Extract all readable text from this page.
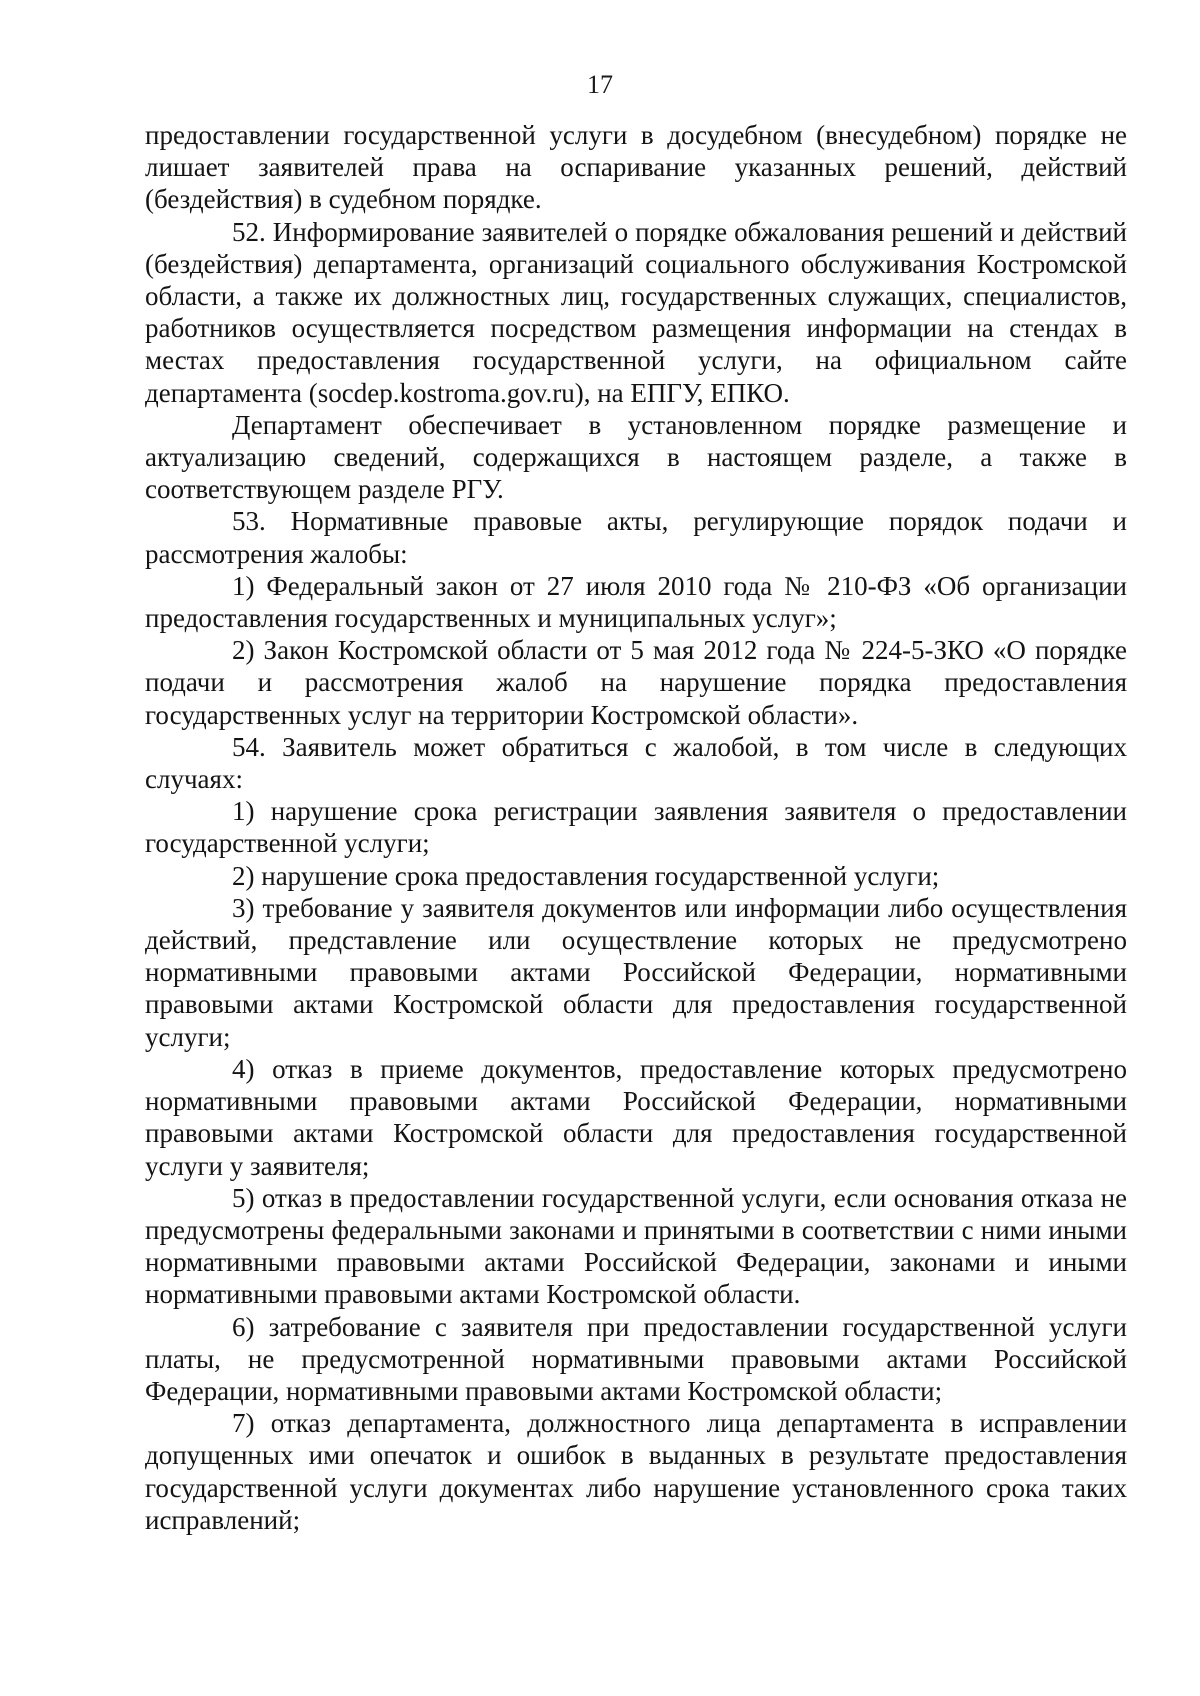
17

предоставлении государственной услуги в досудебном (внесудебном) порядке не лишает заявителей права на оспаривание указанных решений, действий (бездействия) в судебном порядке.

52. Информирование заявителей о порядке обжалования решений и действий (бездействия) департамента, организаций социального обслуживания Костромской области, а также их должностных лиц, государственных служащих, специалистов, работников осуществляется посредством размещения информации на стендах в местах предоставления государственной услуги, на официальном сайте департамента (socdep.kostroma.gov.ru), на ЕПГУ, ЕПКО.

Департамент обеспечивает в установленном порядке размещение и актуализацию сведений, содержащихся в настоящем разделе, а также в соответствующем разделе РГУ.

53. Нормативные правовые акты, регулирующие порядок подачи и рассмотрения жалобы:

1) Федеральный закон от 27 июля 2010 года № 210-ФЗ «Об организации предоставления государственных и муниципальных услуг»;

2) Закон Костромской области от 5 мая 2012 года № 224-5-ЗКО «О порядке подачи и рассмотрения жалоб на нарушение порядка предоставления государственных услуг на территории Костромской области».

54. Заявитель может обратиться с жалобой, в том числе в следующих случаях:

1) нарушение срока регистрации заявления заявителя о предоставлении государственной услуги;

2) нарушение срока предоставления государственной услуги;

3) требование у заявителя документов или информации либо осуществления действий, представление или осуществление которых не предусмотрено нормативными правовыми актами Российской Федерации, нормативными правовыми актами Костромской области для предоставления государственной услуги;

4) отказ в приеме документов, предоставление которых предусмотрено нормативными правовыми актами Российской Федерации, нормативными правовыми актами Костромской области для предоставления государственной услуги у заявителя;

5) отказ в предоставлении государственной услуги, если основания отказа не предусмотрены федеральными законами и принятыми в соответствии с ними иными нормативными правовыми актами Российской Федерации, законами и иными нормативными правовыми актами Костромской области.

6) затребование с заявителя при предоставлении государственной услуги платы, не предусмотренной нормативными правовыми актами Российской Федерации, нормативными правовыми актами Костромской области;

7) отказ департамента, должностного лица департамента в исправлении допущенных ими опечаток и ошибок в выданных в результате предоставления государственной услуги документах либо нарушение установленного срока таких исправлений;
